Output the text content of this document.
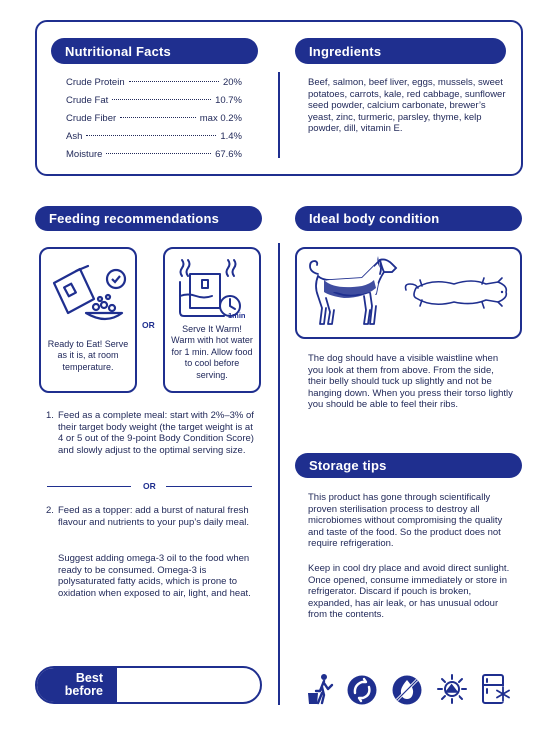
Nutritional Facts
Crude Protein	20%
Crude Fat	10.7%
Crude Fiber	max 0.2%
Ash	1.4%
Moisture	67.6%
Ingredients
Beef, salmon, beef liver, eggs, mussels, sweet potatoes, carrots, kale, red cabbage, sunflower seed powder, calcium carbonate, brewer’s yeast, zinc, turmeric, parsley, thyme, kelp powder, dill, vitamin E.
Feeding recommendations
Ready to Eat! Serve as it is, at room temperature.
OR
1min
Serve It Warm! Warm with hot water for 1 min. Allow food to cool before serving.
1. Feed as a complete meal: start with 2%–3% of their target body weight (the target weight is at 4 or 5 out of the 9-point Body Condition Score) and slowly adjust to the optimal serving size.
OR
2. Feed as a topper: add a burst of natural fresh flavour and nutrients to your pup’s daily meal.
Suggest adding omega-3 oil to the food when ready to be consumed. Omega-3 is polysaturated fatty acids, which is prone to oxidation when exposed to air, light, and heat.
Best
before
Ideal body condition
The dog should have a visible waistline when you look at them from above. From the side, their belly should tuck up slightly and not be hanging down. When you press their torso lightly you should be able to feel their ribs.
Storage tips
This product has gone through scientifically proven sterilisation process to destroy all microbiomes without compromising the quality and taste of the food. So the product does not require refrigeration.
Keep in cool dry place and avoid direct sunlight. Once opened, consume immediately or store in refrigerator. Discard if pouch is broken, expanded, has air leak, or has unusual odour from the contents.
